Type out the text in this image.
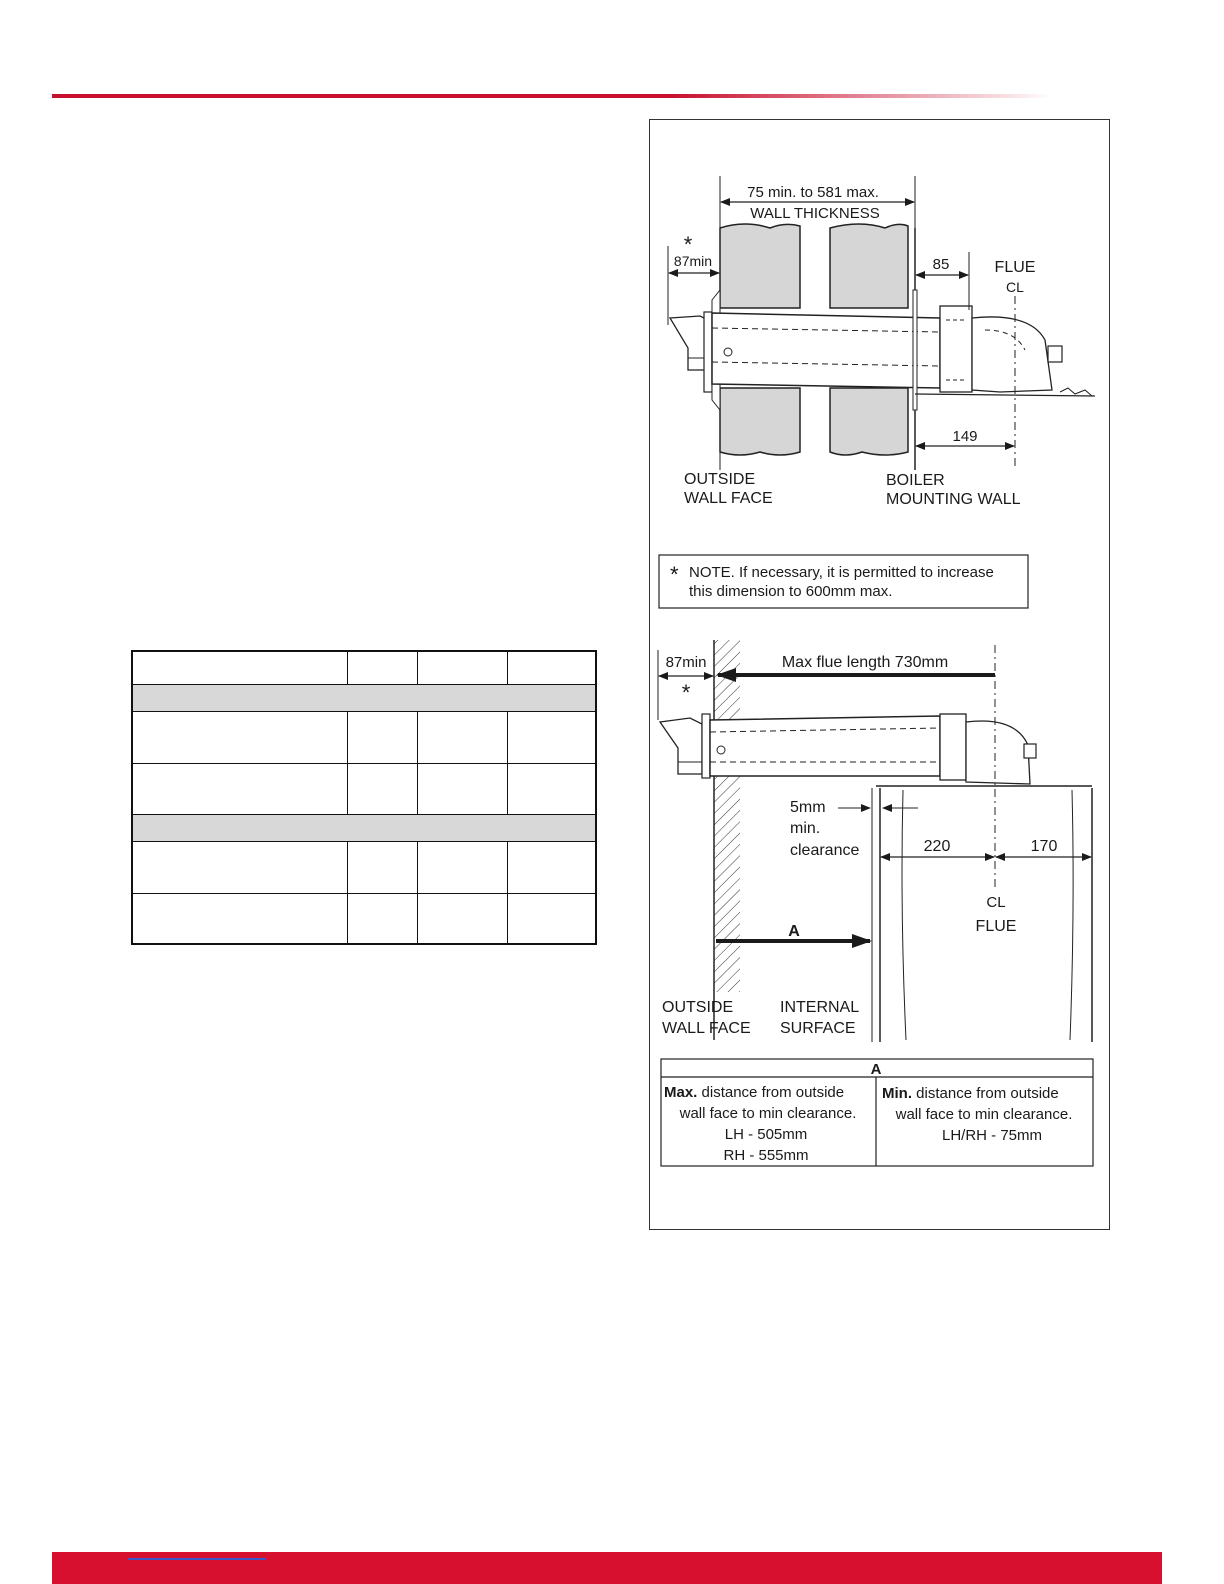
75 min. to 581 max.
WALL THICKNESS
*
87min	85	FLUE
CL
149
OUTSIDE
WALL FACE
BOILER
MOUNTING WALL
* NOTE. If necessary, it is permitted to increase
this dimension to 600mm max.
87min
*
Max flue length 730mm
5mm
min.
clearance	220	170
CL
FLUE
A
OUTSIDE
WALL FACE
INTERNAL
SURFACE
A
Max. distance from outside
wall face to min clearance.
LH - 505mm
RH - 555mm
Min. distance from outside
wall face to min clearance.
LH/RH - 75mm
